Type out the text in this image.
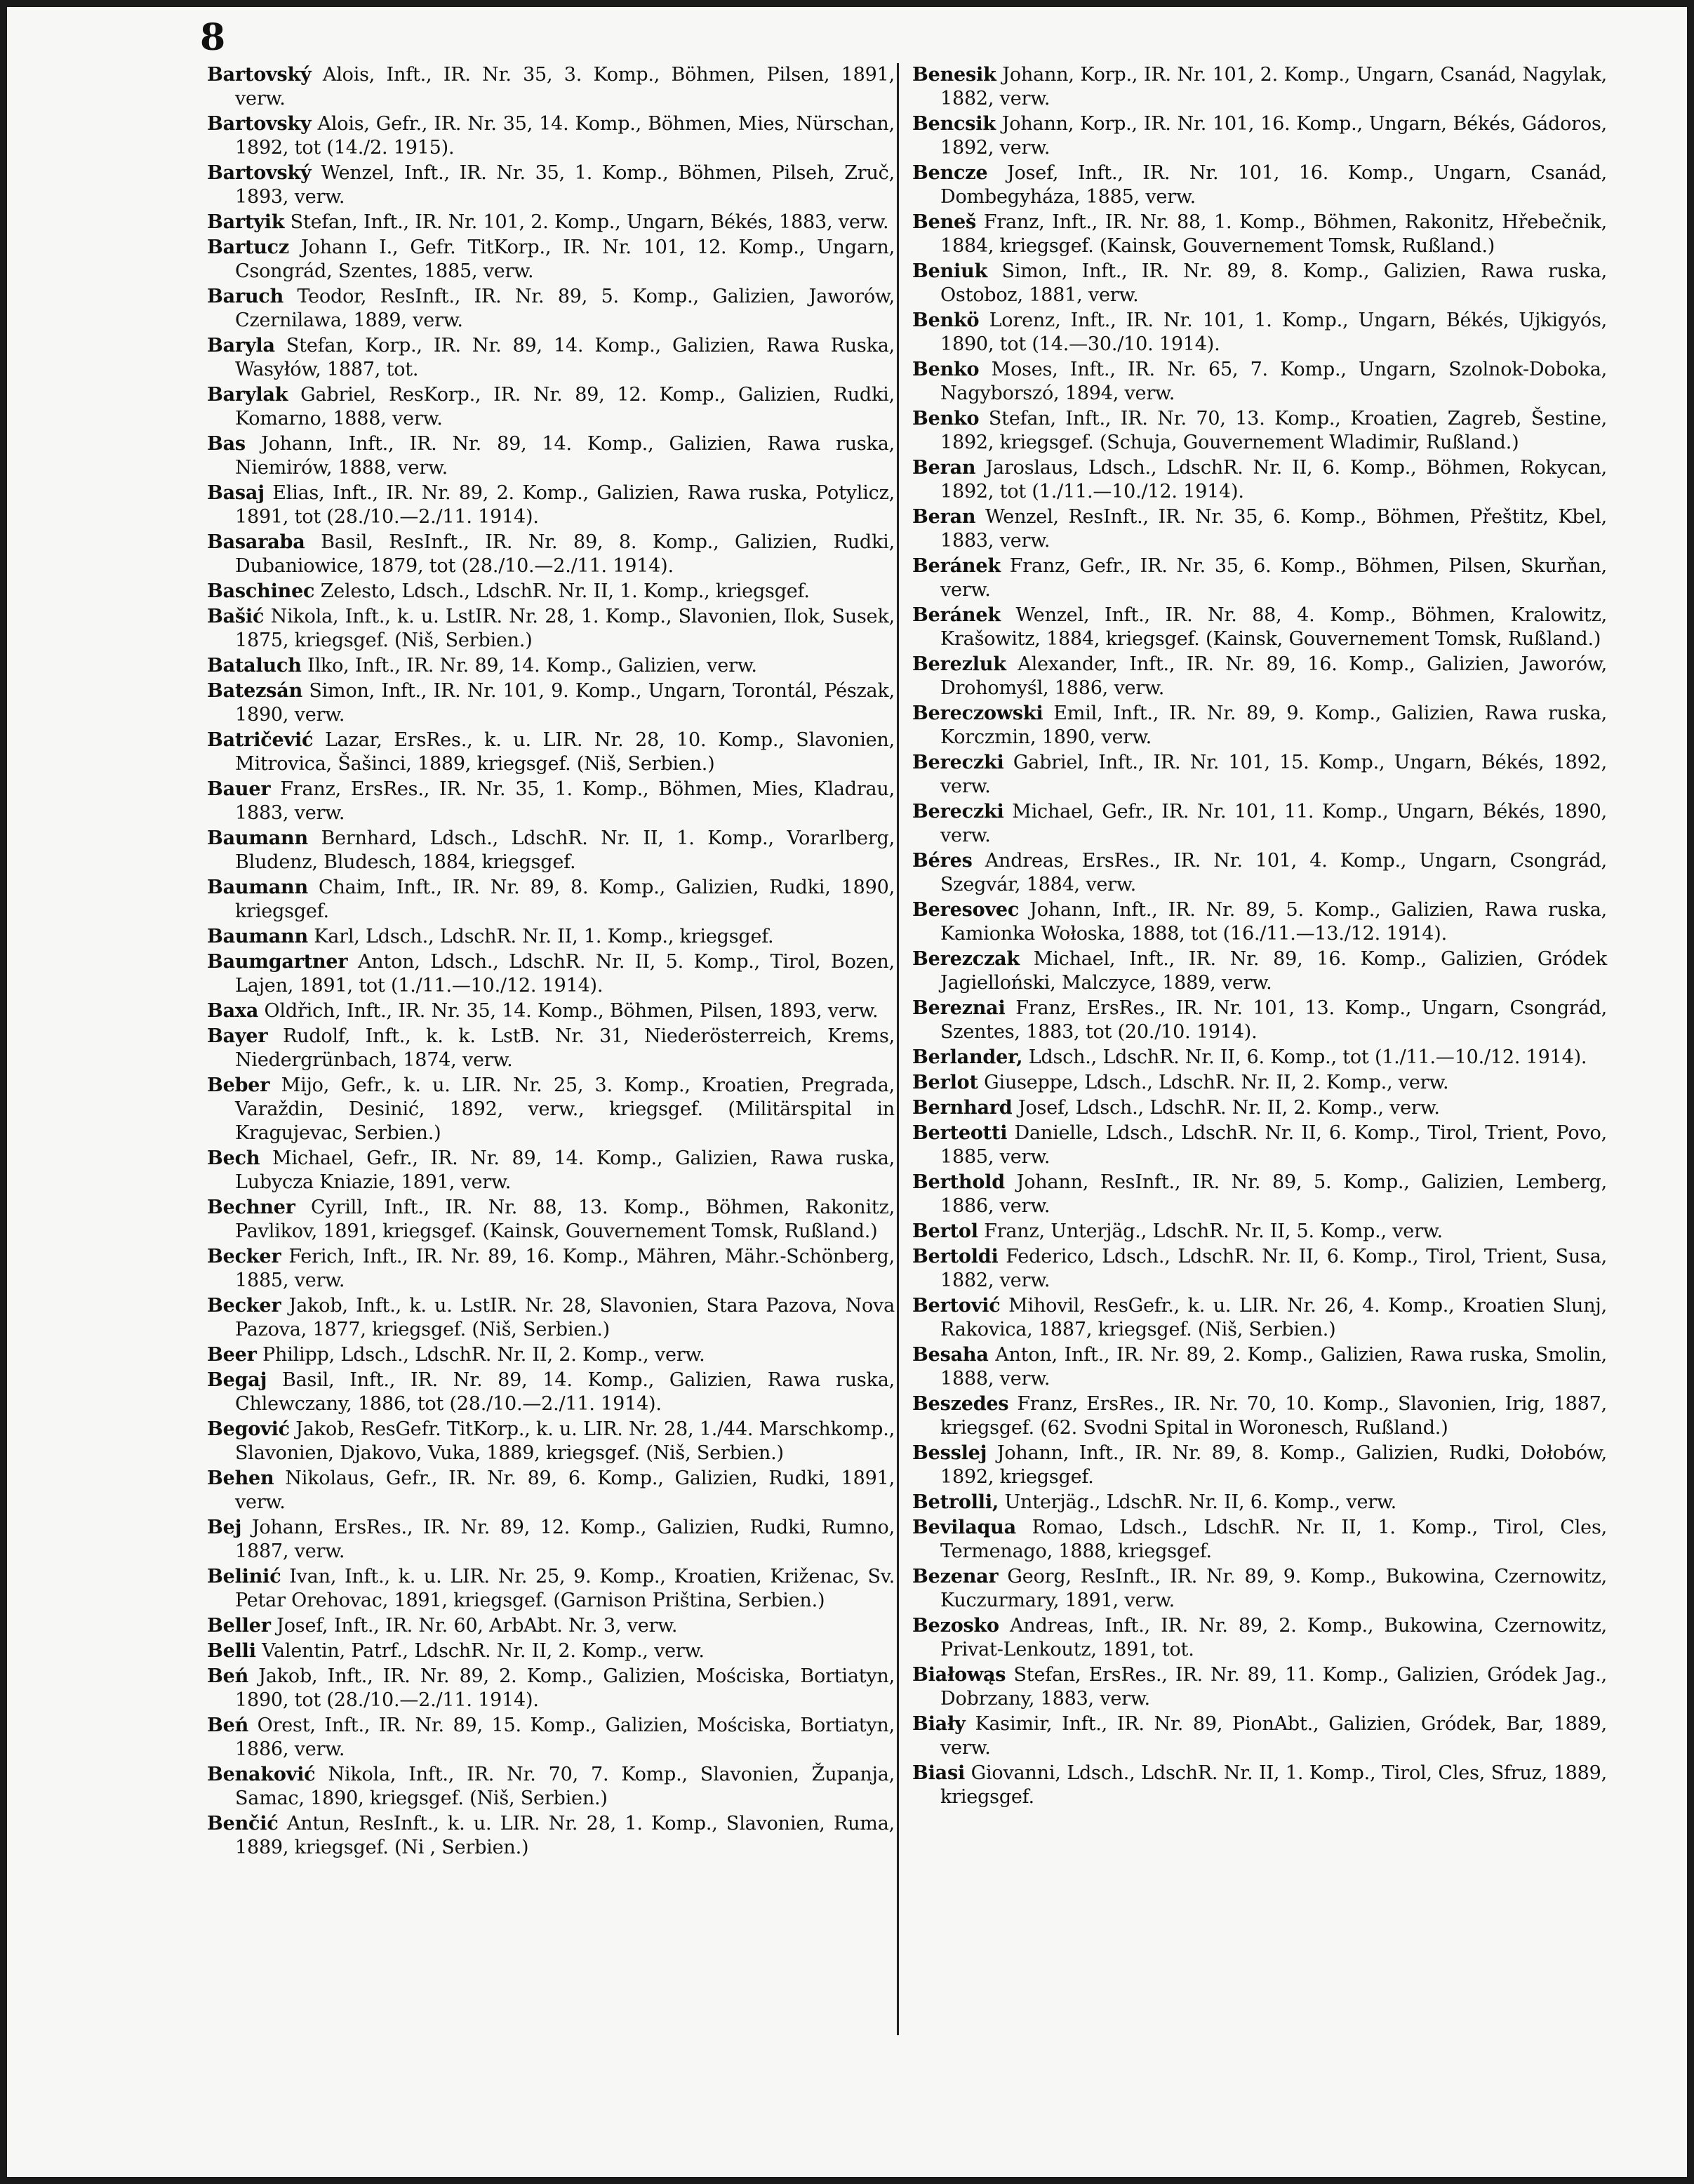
8
Bartovský Alois, Inft., IR. Nr. 35, 3. Komp., Böhmen, Pilsen, 1891, verw.
Bartovsky Alois, Gefr., IR. Nr. 35, 14. Komp., Böhmen, Mies, Nürschan, 1892, tot (14./2. 1915).
Bartovský Wenzel, Inft., IR. Nr. 35, 1. Komp., Böhmen, Pilseh, Zruč, 1893, verw.
Bartyik Stefan, Inft., IR. Nr. 101, 2. Komp., Ungarn, Békés, 1883, verw.
Bartucz Johann I., Gefr. TitKorp., IR. Nr. 101, 12. Komp., Ungarn, Csongrád, Szentes, 1885, verw.
Baruch Teodor, ResInft., IR. Nr. 89, 5. Komp., Galizien, Jaworów, Czernilawa, 1889, verw.
Baryla Stefan, Korp., IR. Nr. 89, 14. Komp., Galizien, Rawa Ruska, Wasyłów, 1887, tot.
Barylak Gabriel, ResKorp., IR. Nr. 89, 12. Komp., Galizien, Rudki, Komarno, 1888, verw.
Bas Johann, Inft., IR. Nr. 89, 14. Komp., Galizien, Rawa ruska, Niemirów, 1888, verw.
Basaj Elias, Inft., IR. Nr. 89, 2. Komp., Galizien, Rawa ruska, Potylicz, 1891, tot (28./10.—2./11. 1914).
Basaraba Basil, ResInft., IR. Nr. 89, 8. Komp., Galizien, Rudki, Dubaniowice, 1879, tot (28./10.—2./11. 1914).
Baschinec Zelesto, Ldsch., LdschR. Nr. II, 1. Komp., kriegsgef.
Bašić Nikola, Inft., k. u. LstIR. Nr. 28, 1. Komp., Slavonien, Ilok, Susek, 1875, kriegsgef. (Niš, Serbien.)
Bataluch Ilko, Inft., IR. Nr. 89, 14. Komp., Galizien, verw.
Batezsán Simon, Inft., IR. Nr. 101, 9. Komp., Ungarn, Torontál, Pészak, 1890, verw.
Batričević Lazar, ErsRes., k. u. LIR. Nr. 28, 10. Komp., Slavonien, Mitrovica, Šašinci, 1889, kriegsgef. (Niš, Serbien.)
Bauer Franz, ErsRes., IR. Nr. 35, 1. Komp., Böhmen, Mies, Kladrau, 1883, verw.
Baumann Bernhard, Ldsch., LdschR. Nr. II, 1. Komp., Vorarlberg, Bludenz, Bludesch, 1884, kriegsgef.
Baumann Chaim, Inft., IR. Nr. 89, 8. Komp., Galizien, Rudki, 1890, kriegsgef.
Baumann Karl, Ldsch., LdschR. Nr. II, 1. Komp., kriegsgef.
Baumgartner Anton, Ldsch., LdschR. Nr. II, 5. Komp., Tirol, Bozen, Lajen, 1891, tot (1./11.—10./12. 1914).
Baxa Oldřich, Inft., IR. Nr. 35, 14. Komp., Böhmen, Pilsen, 1893, verw.
Bayer Rudolf, Inft., k. k. LstB. Nr. 31, Niederösterreich, Krems, Niedergrünbach, 1874, verw.
Beber Mijo, Gefr., k. u. LIR. Nr. 25, 3. Komp., Kroatien, Pregrada, Varaždin, Desinić, 1892, verw., kriegsgef. (Militärspital in Kragujevac, Serbien.)
Bech Michael, Gefr., IR. Nr. 89, 14. Komp., Galizien, Rawa ruska, Lubycza Kniazie, 1891, verw.
Bechner Cyrill, Inft., IR. Nr. 88, 13. Komp., Böhmen, Rakonitz, Pavlikov, 1891, kriegsgef. (Kainsk, Gouvernement Tomsk, Rußland.)
Becker Ferich, Inft., IR. Nr. 89, 16. Komp., Mähren, Mähr.-Schönberg, 1885, verw.
Becker Jakob, Inft., k. u. LstIR. Nr. 28, Slavonien, Stara Pazova, Nova Pazova, 1877, kriegsgef. (Niš, Serbien.)
Beer Philipp, Ldsch., LdschR. Nr. II, 2. Komp., verw.
Begaj Basil, Inft., IR. Nr. 89, 14. Komp., Galizien, Rawa ruska, Chlewczany, 1886, tot (28./10.—2./11. 1914).
Begović Jakob, ResGefr. TitKorp., k. u. LIR. Nr. 28, 1./44. Marschkomp., Slavonien, Djakovo, Vuka, 1889, kriegsgef. (Niš, Serbien.)
Behen Nikolaus, Gefr., IR. Nr. 89, 6. Komp., Galizien, Rudki, 1891, verw.
Bej Johann, ErsRes., IR. Nr. 89, 12. Komp., Galizien, Rudki, Rumno, 1887, verw.
Belinić Ivan, Inft., k. u. LIR. Nr. 25, 9. Komp., Kroatien, Križenac, Sv. Petar Orehovac, 1891, kriegsgef. (Garnison Priština, Serbien.)
Beller Josef, Inft., IR. Nr. 60, ArbAbt. Nr. 3, verw.
Belli Valentin, Patrf., LdschR. Nr. II, 2. Komp., verw.
Beń Jakob, Inft., IR. Nr. 89, 2. Komp., Galizien, Mościska, Bortiatyn, 1890, tot (28./10.—2./11. 1914).
Beń Orest, Inft., IR. Nr. 89, 15. Komp., Galizien, Mościska, Bortiatyn, 1886, verw.
Benaković Nikola, Inft., IR. Nr. 70, 7. Komp., Slavonien, Županja, Samac, 1890, kriegsgef. (Niš, Serbien.)
Benčić Antun, ResInft., k. u. LIR. Nr. 28, 1. Komp., Slavonien, Ruma, 1889, kriegsgef. (Ni , Serbien.)
Benesik Johann, Korp., IR. Nr. 101, 2. Komp., Ungarn, Csanád, Nagylak, 1882, verw.
Bencsik Johann, Korp., IR. Nr. 101, 16. Komp., Ungarn, Békés, Gádoros, 1892, verw.
Bencze Josef, Inft., IR. Nr. 101, 16. Komp., Ungarn, Csanád, Dombegyháza, 1885, verw.
Beneš Franz, Inft., IR. Nr. 88, 1. Komp., Böhmen, Rakonitz, Hřebečnik, 1884, kriegsgef. (Kainsk, Gouvernement Tomsk, Rußland.)
Beniuk Simon, Inft., IR. Nr. 89, 8. Komp., Galizien, Rawa ruska, Ostoboz, 1881, verw.
Benkö Lorenz, Inft., IR. Nr. 101, 1. Komp., Ungarn, Békés, Ujkigyós, 1890, tot (14.—30./10. 1914).
Benko Moses, Inft., IR. Nr. 65, 7. Komp., Ungarn, Szolnok-Doboka, Nagyborszó, 1894, verw.
Benko Stefan, Inft., IR. Nr. 70, 13. Komp., Kroatien, Zagreb, Šestine, 1892, kriegsgef. (Schuja, Gouvernement Wladimir, Rußland.)
Beran Jaroslaus, Ldsch., LdschR. Nr. II, 6. Komp., Böhmen, Rokycan, 1892, tot (1./11.—10./12. 1914).
Beran Wenzel, ResInft., IR. Nr. 35, 6. Komp., Böhmen, Přeštitz, Kbel, 1883, verw.
Beránek Franz, Gefr., IR. Nr. 35, 6. Komp., Böhmen, Pilsen, Skurňan, verw.
Beránek Wenzel, Inft., IR. Nr. 88, 4. Komp., Böhmen, Kralowitz, Krašowitz, 1884, kriegsgef. (Kainsk, Gouvernement Tomsk, Rußland.)
Berezluk Alexander, Inft., IR. Nr. 89, 16. Komp., Galizien, Jaworów, Drohomyśl, 1886, verw.
Bereczowski Emil, Inft., IR. Nr. 89, 9. Komp., Galizien, Rawa ruska, Korczmin, 1890, verw.
Bereczki Gabriel, Inft., IR. Nr. 101, 15. Komp., Ungarn, Békés, 1892, verw.
Bereczki Michael, Gefr., IR. Nr. 101, 11. Komp., Ungarn, Békés, 1890, verw.
Béres Andreas, ErsRes., IR. Nr. 101, 4. Komp., Ungarn, Csongrád, Szegvár, 1884, verw.
Beresovec Johann, Inft., IR. Nr. 89, 5. Komp., Galizien, Rawa ruska, Kamionka Wołoska, 1888, tot (16./11.—13./12. 1914).
Berezczak Michael, Inft., IR. Nr. 89, 16. Komp., Galizien, Gródek Jagielloński, Malczyce, 1889, verw.
Bereznai Franz, ErsRes., IR. Nr. 101, 13. Komp., Ungarn, Csongrád, Szentes, 1883, tot (20./10. 1914).
Berlander, Ldsch., LdschR. Nr. II, 6. Komp., tot (1./11.—10./12. 1914).
Berlot Giuseppe, Ldsch., LdschR. Nr. II, 2. Komp., verw.
Bernhard Josef, Ldsch., LdschR. Nr. II, 2. Komp., verw.
Berteotti Danielle, Ldsch., LdschR. Nr. II, 6. Komp., Tirol, Trient, Povo, 1885, verw.
Berthold Johann, ResInft., IR. Nr. 89, 5. Komp., Galizien, Lemberg, 1886, verw.
Bertol Franz, Unterjäg., LdschR. Nr. II, 5. Komp., verw.
Bertoldi Federico, Ldsch., LdschR. Nr. II, 6. Komp., Tirol, Trient, Susa, 1882, verw.
Bertović Mihovil, ResGefr., k. u. LIR. Nr. 26, 4. Komp., Kroatien Slunj, Rakovica, 1887, kriegsgef. (Niš, Serbien.)
Besaha Anton, Inft., IR. Nr. 89, 2. Komp., Galizien, Rawa ruska, Smolin, 1888, verw.
Beszedes Franz, ErsRes., IR. Nr. 70, 10. Komp., Slavonien, Irig, 1887, kriegsgef. (62. Svodni Spital in Woronesch, Rußland.)
Besslej Johann, Inft., IR. Nr. 89, 8. Komp., Galizien, Rudki, Dołobów, 1892, kriegsgef.
Betrolli, Unterjäg., LdschR. Nr. II, 6. Komp., verw.
Bevilaqua Romao, Ldsch., LdschR. Nr. II, 1. Komp., Tirol, Cles, Termenago, 1888, kriegsgef.
Bezenar Georg, ResInft., IR. Nr. 89, 9. Komp., Bukowina, Czernowitz, Kuczurmary, 1891, verw.
Bezosko Andreas, Inft., IR. Nr. 89, 2. Komp., Bukowina, Czernowitz, Privat-Lenkoutz, 1891, tot.
Białowąs Stefan, ErsRes., IR. Nr. 89, 11. Komp., Galizien, Gródek Jag., Dobrzany, 1883, verw.
Biały Kasimir, Inft., IR. Nr. 89, PionAbt., Galizien, Gródek, Bar, 1889, verw.
Biasi Giovanni, Ldsch., LdschR. Nr. II, 1. Komp., Tirol, Cles, Sfruz, 1889, kriegsgef.
